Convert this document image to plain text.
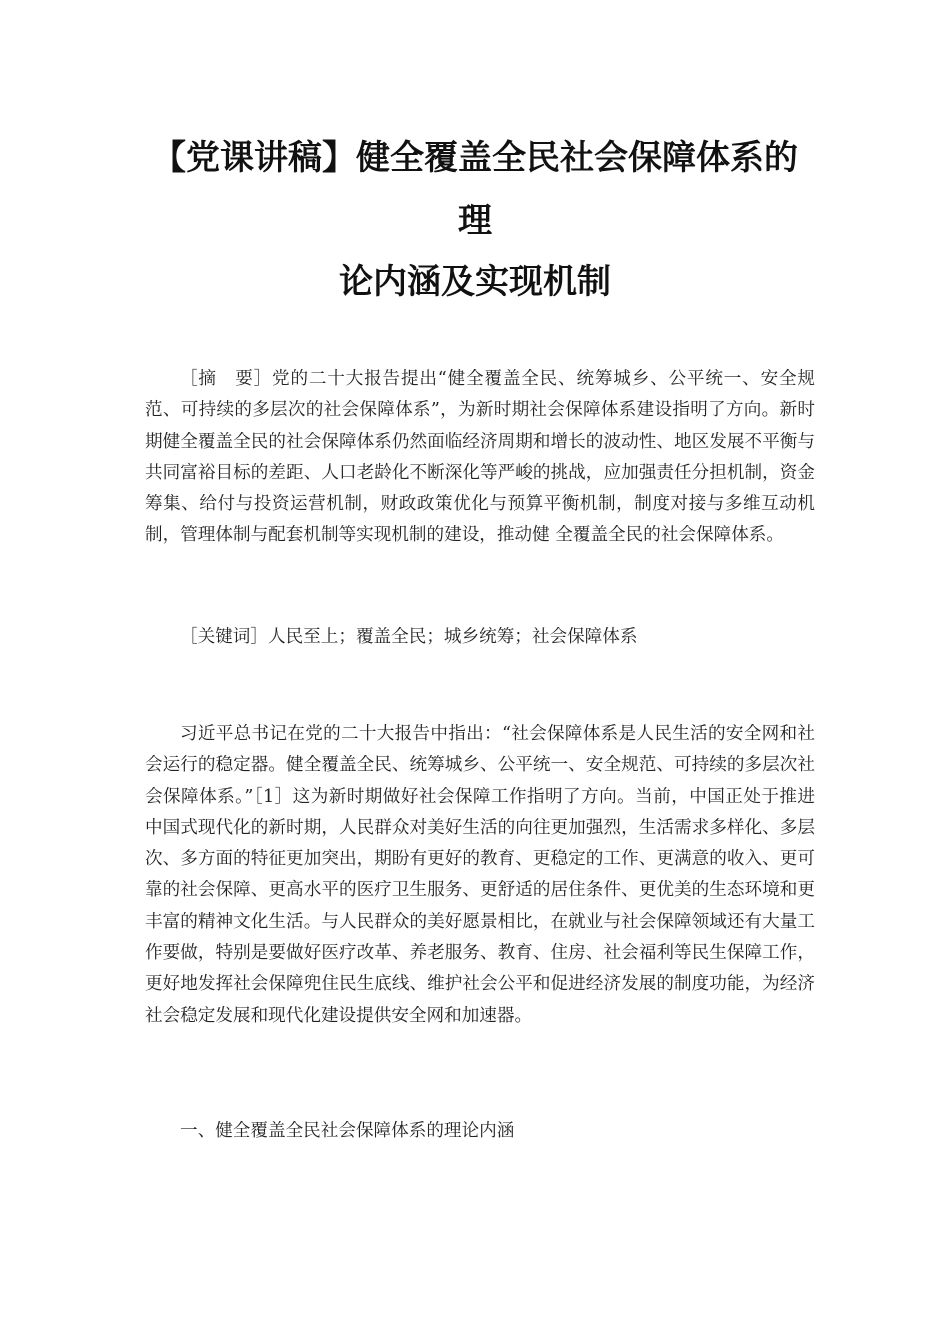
【党课讲稿】健全覆盖全民社会保障体系的
理
论内涵及实现机制

［摘　要］党的二十大报告提出“健全覆盖全民、统筹城乡、公平统一、安全规范、可持续的多层次的社会保障体系”，为新时期社会保障体系建设指明了方向。新时期健全覆盖全民的社会保障体系仍然面临经济周期和增长的波动性、地区发展不平衡与共同富裕目标的差距、人口老龄化不断深化等严峻的挑战，应加强责任分担机制，资金筹集、给付与投资运营机制，财政政策优化与预算平衡机制，制度对接与多维互动机制，管理体制与配套机制等实现机制的建设，推动健 全覆盖全民的社会保障体系。

［关键词］人民至上；覆盖全民；城乡统筹；社会保障体系

习近平总书记在党的二十大报告中指出：“社会保障体系是人民生活的安全网和社会运行的稳定器。健全覆盖全民、统筹城乡、公平统一、安全规范、可持续的多层次社会保障体系。”［1］这为新时期做好社会保障工作指明了方向。当前，中国正处于推进中国式现代化的新时期，人民群众对美好生活的向往更加强烈，生活需求多样化、多层次、多方面的特征更加突出，期盼有更好的教育、更稳定的工作、更满意的收入、更可靠的社会保障、更高水平的医疗卫生服务、更舒适的居住条件、更优美的生态环境和更丰富的精神文化生活。与人民群众的美好愿景相比，在就业与社会保障领域还有大量工作要做，特别是要做好医疗改革、养老服务、教育、住房、社会福利等民生保障工作，更好地发挥社会保障兜住民生底线、维护社会公平和促进经济发展的制度功能，为经济社会稳定发展和现代化建设提供安全网和加速器。

一、健全覆盖全民社会保障体系的理论内涵
